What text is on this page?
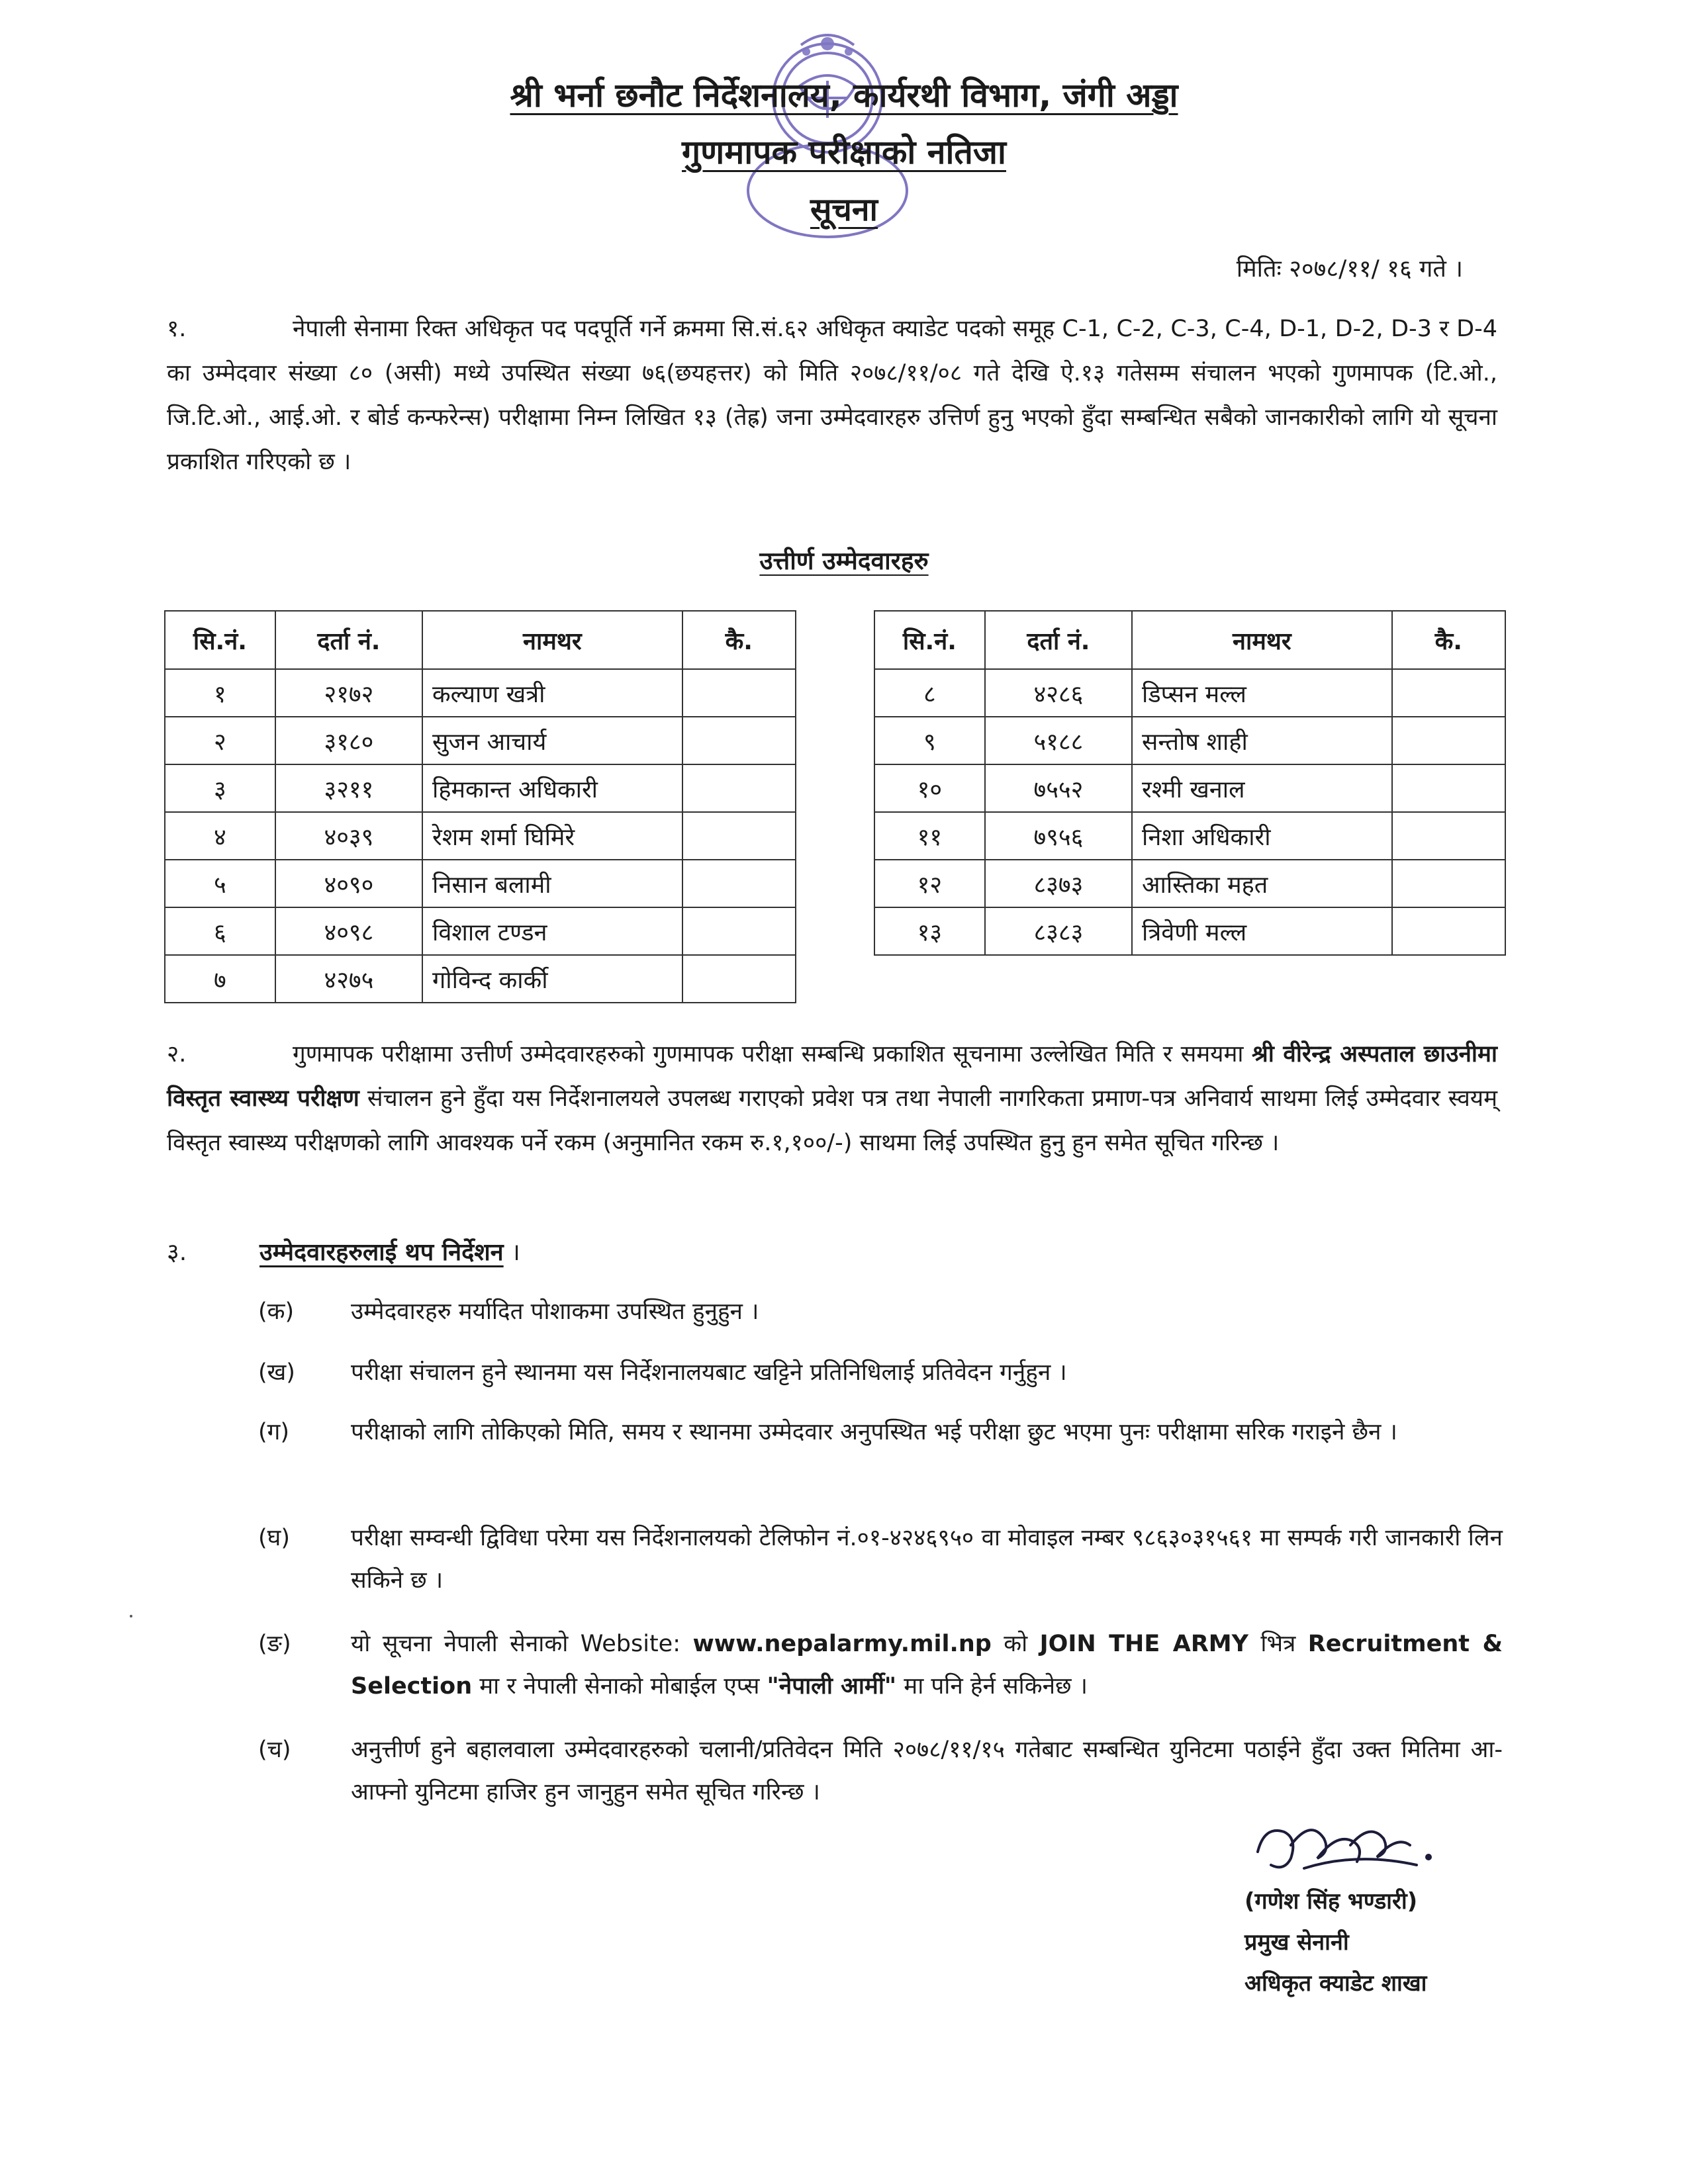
श्री भर्ना छनौट निर्देशनालय, कार्यरथी विभाग, जंगी अड्डा
गुणमापक परीक्षाको नतिजा
सूचना
मितिः २०७८/११/ १६ गते ।
१.	नेपाली सेनामा रिक्त अधिकृत पद पदपूर्ति गर्ने क्रममा सि.सं.६२ अधिकृत क्याडेट पदको समूह C-1, C-2, C-3, C-4, D-1, D-2, D-3 र D-4 का उम्मेदवार संख्या ८० (असी) मध्ये उपस्थित संख्या ७६(छयहत्तर) को मिति २०७८/११/०८ गते देखि ऐ.१३ गतेसम्म संचालन भएको गुणमापक (टि.ओ., जि.टि.ओ., आई.ओ. र बोर्ड कन्फरेन्स) परीक्षामा निम्न लिखित १३ (तेह्र) जना उम्मेदवारहरु उत्तिर्ण हुनु भएको हुँदा सम्बन्धित सबैको जानकारीको लागि यो सूचना प्रकाशित गरिएको छ ।
उत्तीर्ण उम्मेदवारहरु
सि.नं.	दर्ता नं.	नामथर	कै.
१	२१७२	कल्याण खत्री	
२	३१८०	सुजन आचार्य	
३	३२११	हिमकान्त अधिकारी	
४	४०३९	रेशम शर्मा घिमिरे	
५	४०९०	निसान बलामी	
६	४०९८	विशाल टण्डन	
७	४२७५	गोविन्द कार्की	
सि.नं.	दर्ता नं.	नामथर	कै.
८	४२८६	डिप्सन मल्ल	
९	५१८८	सन्तोष शाही	
१०	७५५२	रश्मी खनाल	
११	७९५६	निशा अधिकारी	
१२	८३७३	आस्तिका महत	
१३	८३८३	त्रिवेणी मल्ल	
२.	गुणमापक परीक्षामा उत्तीर्ण उम्मेदवारहरुको गुणमापक परीक्षा सम्बन्धि प्रकाशित सूचनामा उल्लेखित मिति र समयमा श्री वीरेन्द्र अस्पताल छाउनीमा विस्तृत स्वास्थ्य परीक्षण संचालन हुने हुँदा यस निर्देशनालयले उपलब्ध गराएको प्रवेश पत्र तथा नेपाली नागरिकता प्रमाण-पत्र अनिवार्य साथमा लिई उम्मेदवार स्वयम् विस्तृत स्वास्थ्य परीक्षणको लागि आवश्यक पर्ने रकम (अनुमानित रकम रु.१,१००/-) साथमा लिई उपस्थित हुनु हुन समेत सूचित गरिन्छ ।
३.	उम्मेदवारहरुलाई थप निर्देशन ।
(क)	उम्मेदवारहरु मर्यादित पोशाकमा उपस्थित हुनुहुन ।
(ख)	परीक्षा संचालन हुने स्थानमा यस निर्देशनालयबाट खट्टिने प्रतिनिधिलाई प्रतिवेदन गर्नुहुन ।
(ग)	परीक्षाको लागि तोकिएको मिति, समय र स्थानमा उम्मेदवार अनुपस्थित भई परीक्षा छुट भएमा पुनः परीक्षामा सरिक गराइने छैन ।
(घ)	परीक्षा सम्वन्धी द्विविधा परेमा यस निर्देशनालयको टेलिफोन नं.०१-४२४६९५० वा मोवाइल नम्बर ९८६३०३१५६१ मा सम्पर्क गरी जानकारी लिन सकिने छ ।
(ङ)	यो सूचना नेपाली सेनाको Website: www.nepalarmy.mil.np को JOIN THE ARMY भित्र Recruitment & Selection मा र नेपाली सेनाको मोबाईल एप्स "नेपाली आर्मी" मा पनि हेर्न सकिनेछ ।
(च)	अनुत्तीर्ण हुने बहालवाला उम्मेदवारहरुको चलानी/प्रतिवेदन मिति २०७८/११/१५ गतेबाट सम्बन्धित युनिटमा पठाईने हुँदा उक्त मितिमा आ-आफ्नो युनिटमा हाजिर हुन जानुहुन समेत सूचित गरिन्छ ।
(गणेश सिंह भण्डारी)
प्रमुख सेनानी
अधिकृत क्याडेट शाखा
